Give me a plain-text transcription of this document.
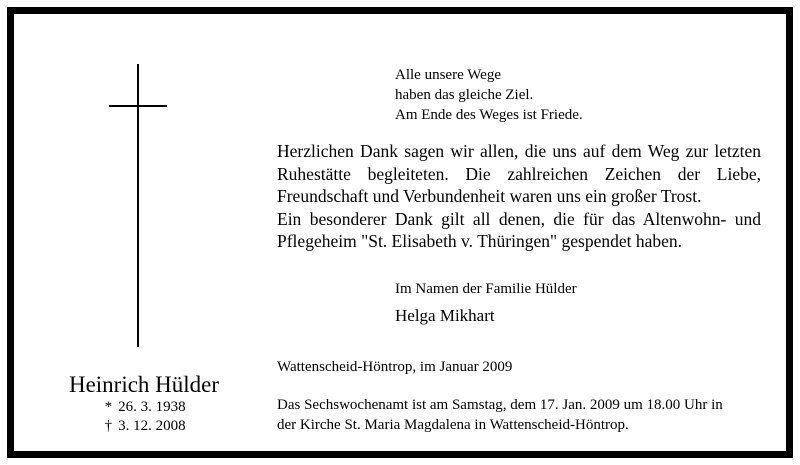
Alle unsere Wege
haben das gleiche Ziel.
Am Ende des Weges ist Friede.

Herzlichen Dank sagen wir allen, die uns auf dem Weg zur letzten Ruhestätte begleiteten. Die zahlreichen Zeichen der Liebe, Freundschaft und Verbundenheit waren uns ein großer Trost.

Ein besonderer Dank gilt all denen, die für das Altenwohn- und Pflegeheim "St. Elisabeth v. Thüringen" gespendet haben.

Im Namen der Familie Hülder
Helga Mikhart
Wattenscheid-Höntrop, im Januar 2009
Das Sechswochenamt ist am Samstag, dem 17. Jan. 2009 um 18.00 Uhr in
der Kirche St. Maria Magdalena in Wattenscheid-Höntrop.
Heinrich Hülder
* 26. 3. 1938
† 3. 12. 2008
